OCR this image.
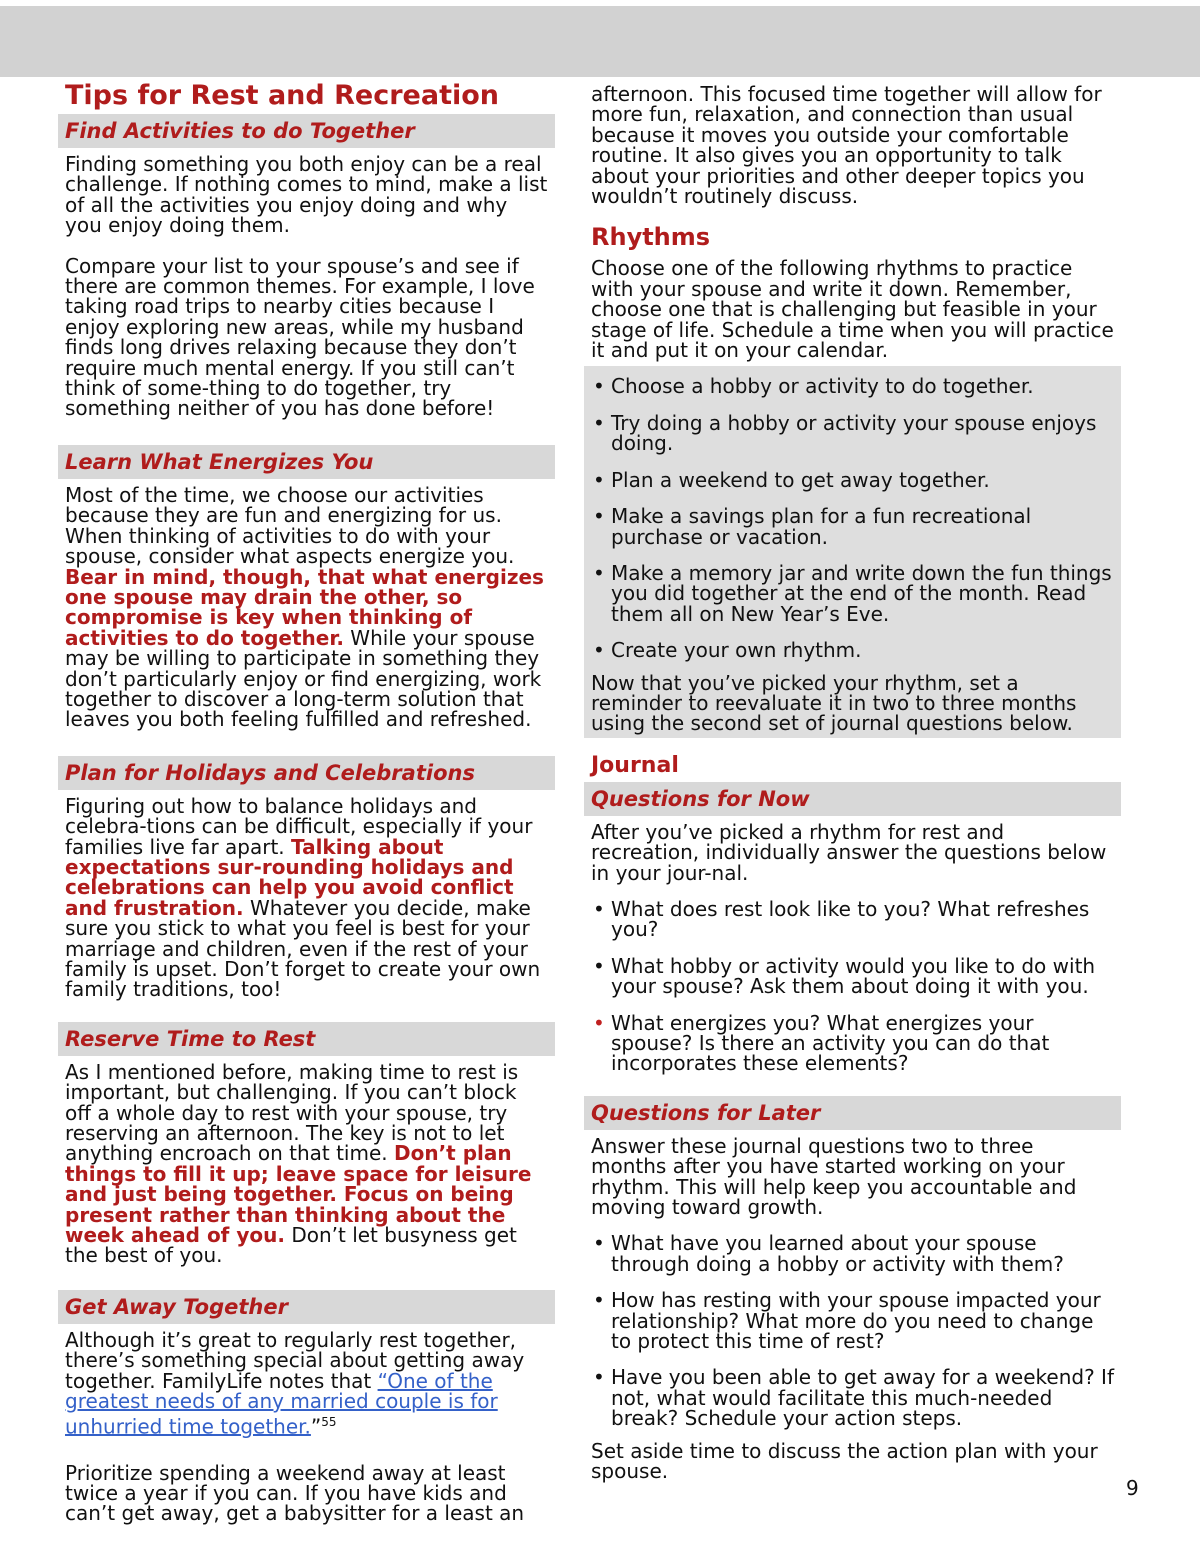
Tips for Rest and Recreation
Find Activities to do Together

Finding something you both enjoy can be a real challenge. If nothing comes to mind, make a list of all the activities you enjoy doing and why you enjoy doing them.

Compare your list to your spouse’s and see if there are common themes. For example, I love taking road trips to nearby cities because I enjoy exploring new areas, while my husband finds long drives relaxing because they don’t require much mental energy. If you still can’t think of some-thing to do together, try something neither of you has done before!

Learn What Energizes You

Most of the time, we choose our activities because they are fun and energizing for us. When thinking of activities to do with your spouse, consider what aspects energize you. Bear in mind, though, that what energizes one spouse may drain the other, so compromise is key when thinking of activities to do together. While your spouse may be willing to participate in something they don’t particularly enjoy or find energizing, work together to discover a long-term solution that leaves you both feeling fulfilled and refreshed.

Plan for Holidays and Celebrations

Figuring out how to balance holidays and celebra-tions can be difficult, especially if your families live far apart. Talking about expectations sur-rounding holidays and celebrations can help you avoid conflict and frustration. Whatever you decide, make sure you stick to what you feel is best for your marriage and children, even if the rest of your family is upset. Don’t forget to create your own family traditions, too!

Reserve Time to Rest

As I mentioned before, making time to rest is important, but challenging. If you can’t block off a whole day to rest with your spouse, try reserving an afternoon. The key is not to let anything encroach on that time. Don’t plan things to fill it up; leave space for leisure and just being together. Focus on being present rather than thinking about the week ahead of you. Don’t let busyness get the best of you.

Get Away Together

Although it’s great to regularly rest together, there’s something special about getting away together. FamilyLife notes that “One of the greatest needs of any married couple is for unhurried time together.”$^{55}$

Prioritize spending a weekend away at least twice a year if you can. If you have kids and can’t get away, get a babysitter for a least an

afternoon. This focused time together will allow for more fun, relaxation, and connection than usual because it moves you outside your comfortable routine. It also gives you an opportunity to talk about your priorities and other deeper topics you wouldn’t routinely discuss.

Rhythms

Choose one of the following rhythms to practice with your spouse and write it down. Remember, choose one that is challenging but feasible in your stage of life. Schedule a time when you will practice it and put it on your calendar.

• Choose a hobby or activity to do together.
• Try doing a hobby or activity your spouse enjoys doing.
• Plan a weekend to get away together.
• Make a savings plan for a fun recreational purchase or vacation.
• Make a memory jar and write down the fun things you did together at the end of the month. Read them all on New Year’s Eve.
• Create your own rhythm.

Now that you’ve picked your rhythm, set a reminder to reevaluate it in two to three months using the second set of journal questions below.

Journal
Questions for Now

After you’ve picked a rhythm for rest and recreation, individually answer the questions below in your jour-nal.

• What does rest look like to you? What refreshes you?
• What hobby or activity would you like to do with your spouse? Ask them about doing it with you.
• What energizes you? What energizes your spouse? Is there an activity you can do that incorporates these elements?
Questions for Later

Answer these journal questions two to three months after you have started working on your rhythm. This will help keep you accountable and moving toward growth.

• What have you learned about your spouse through doing a hobby or activity with them?
• How has resting with your spouse impacted your relationship? What more do you need to change to protect this time of rest?
• Have you been able to get away for a weekend? If not, what would facilitate this much-needed break? Schedule your action steps.

Set aside time to discuss the action plan with your spouse.

9
